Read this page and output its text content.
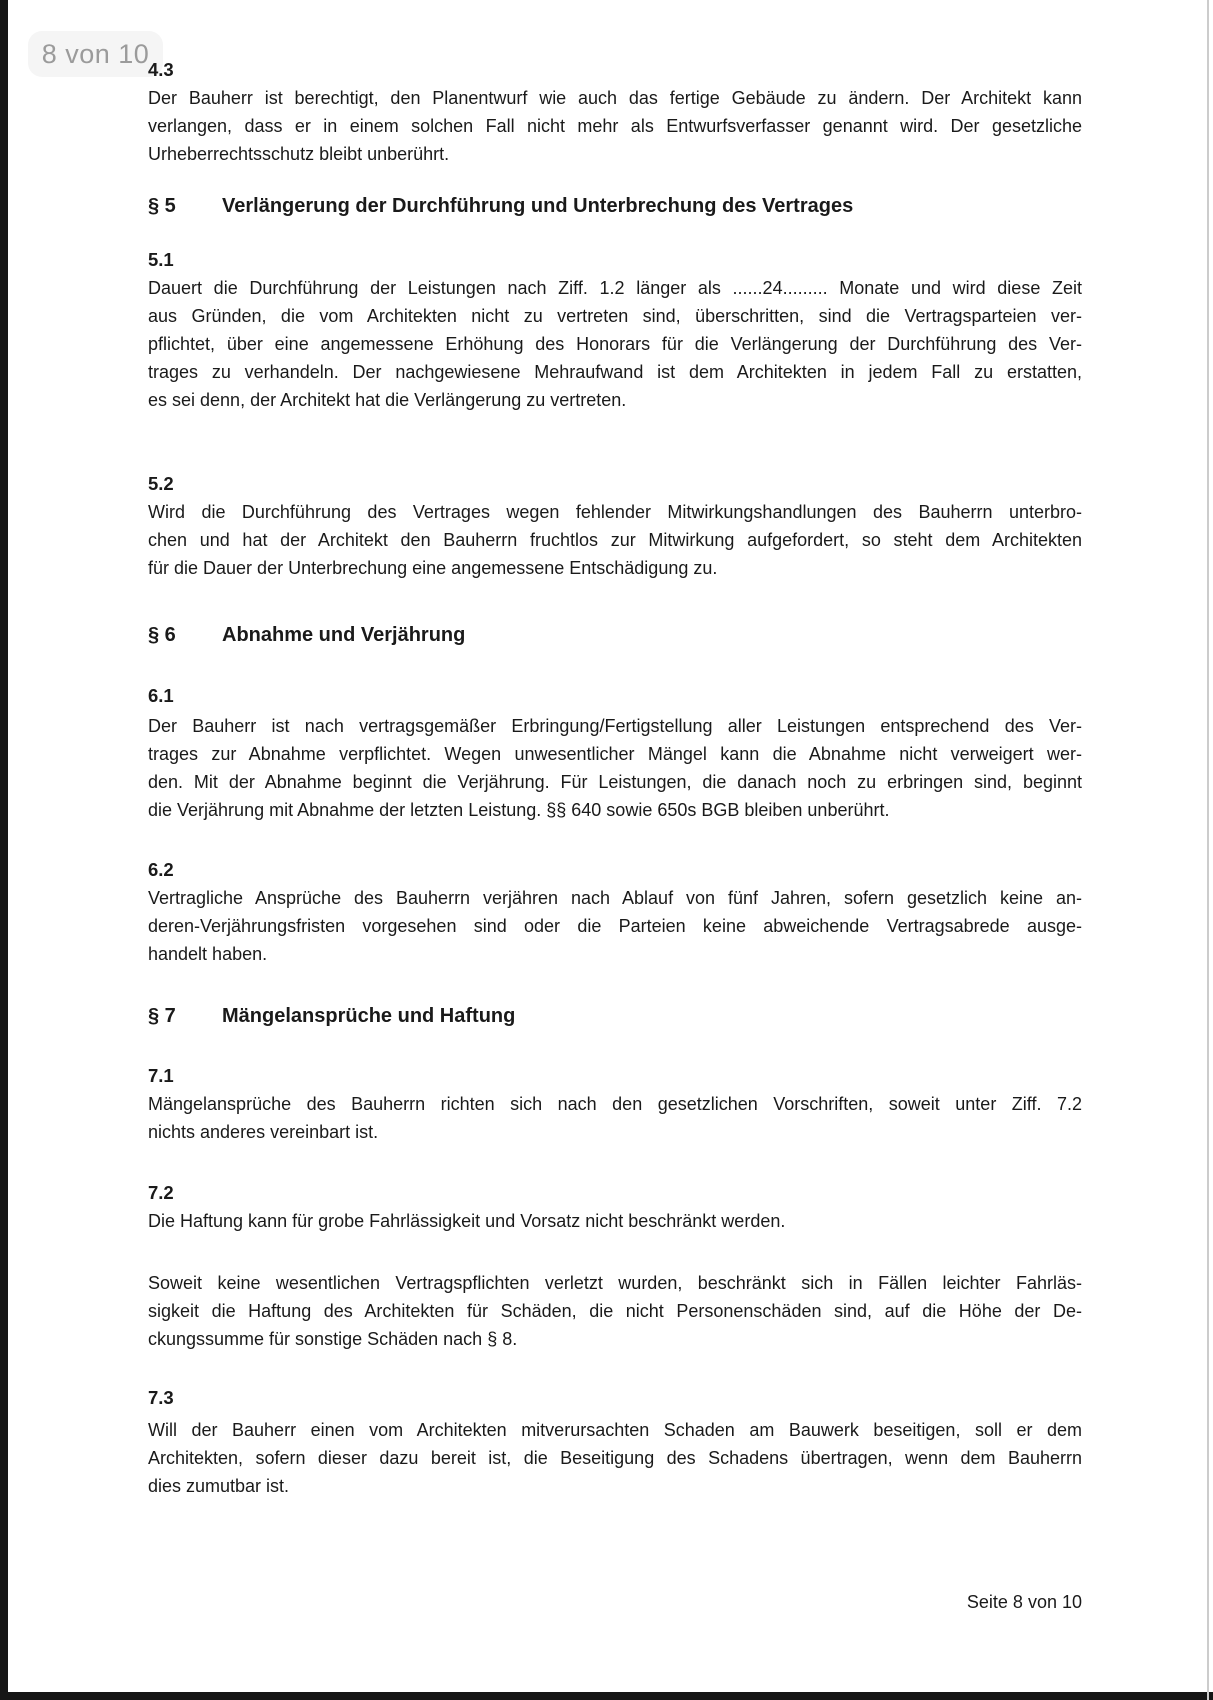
8 von 10
4.3
Der Bauherr ist berechtigt, den Planentwurf wie auch das fertige Gebäude zu ändern. Der Architekt kann
verlangen, dass er in einem solchen Fall nicht mehr als Entwurfsverfasser genannt wird. Der gesetzliche
Urheberrechtsschutz bleibt unberührt.
§ 5 Verlängerung der Durchführung und Unterbrechung des Vertrages
5.1
Dauert die Durchführung der Leistungen nach Ziff. 1.2 länger als ......24......... Monate und wird diese Zeit
aus Gründen, die vom Architekten nicht zu vertreten sind, überschritten, sind die Vertragsparteien ver-
pflichtet, über eine angemessene Erhöhung des Honorars für die Verlängerung der Durchführung des Ver-
trages zu verhandeln. Der nachgewiesene Mehraufwand ist dem Architekten in jedem Fall zu erstatten,
es sei denn, der Architekt hat die Verlängerung zu vertreten.
5.2
Wird die Durchführung des Vertrages wegen fehlender Mitwirkungshandlungen des Bauherrn unterbro-
chen und hat der Architekt den Bauherrn fruchtlos zur Mitwirkung aufgefordert, so steht dem Architekten
für die Dauer der Unterbrechung eine angemessene Entschädigung zu.
§ 6 Abnahme und Verjährung
6.1
Der Bauherr ist nach vertragsgemäßer Erbringung/Fertigstellung aller Leistungen entsprechend des Ver-
trages zur Abnahme verpflichtet. Wegen unwesentlicher Mängel kann die Abnahme nicht verweigert wer-
den. Mit der Abnahme beginnt die Verjährung. Für Leistungen, die danach noch zu erbringen sind, beginnt
die Verjährung mit Abnahme der letzten Leistung. §§ 640 sowie 650s BGB bleiben unberührt.
6.2
Vertragliche Ansprüche des Bauherrn verjähren nach Ablauf von fünf Jahren, sofern gesetzlich keine an-
deren-Verjährungsfristen vorgesehen sind oder die Parteien keine abweichende Vertragsabrede ausge-
handelt haben.
§ 7 Mängelansprüche und Haftung
7.1
Mängelansprüche des Bauherrn richten sich nach den gesetzlichen Vorschriften, soweit unter Ziff. 7.2
nichts anderes vereinbart ist.
7.2
Die Haftung kann für grobe Fahrlässigkeit und Vorsatz nicht beschränkt werden.
Soweit keine wesentlichen Vertragspflichten verletzt wurden, beschränkt sich in Fällen leichter Fahrläs-
sigkeit die Haftung des Architekten für Schäden, die nicht Personenschäden sind, auf die Höhe der De-
ckungssumme für sonstige Schäden nach § 8.
7.3
Will der Bauherr einen vom Architekten mitverursachten Schaden am Bauwerk beseitigen, soll er dem
Architekten, sofern dieser dazu bereit ist, die Beseitigung des Schadens übertragen, wenn dem Bauherrn
dies zumutbar ist.
Seite 8 von 10
